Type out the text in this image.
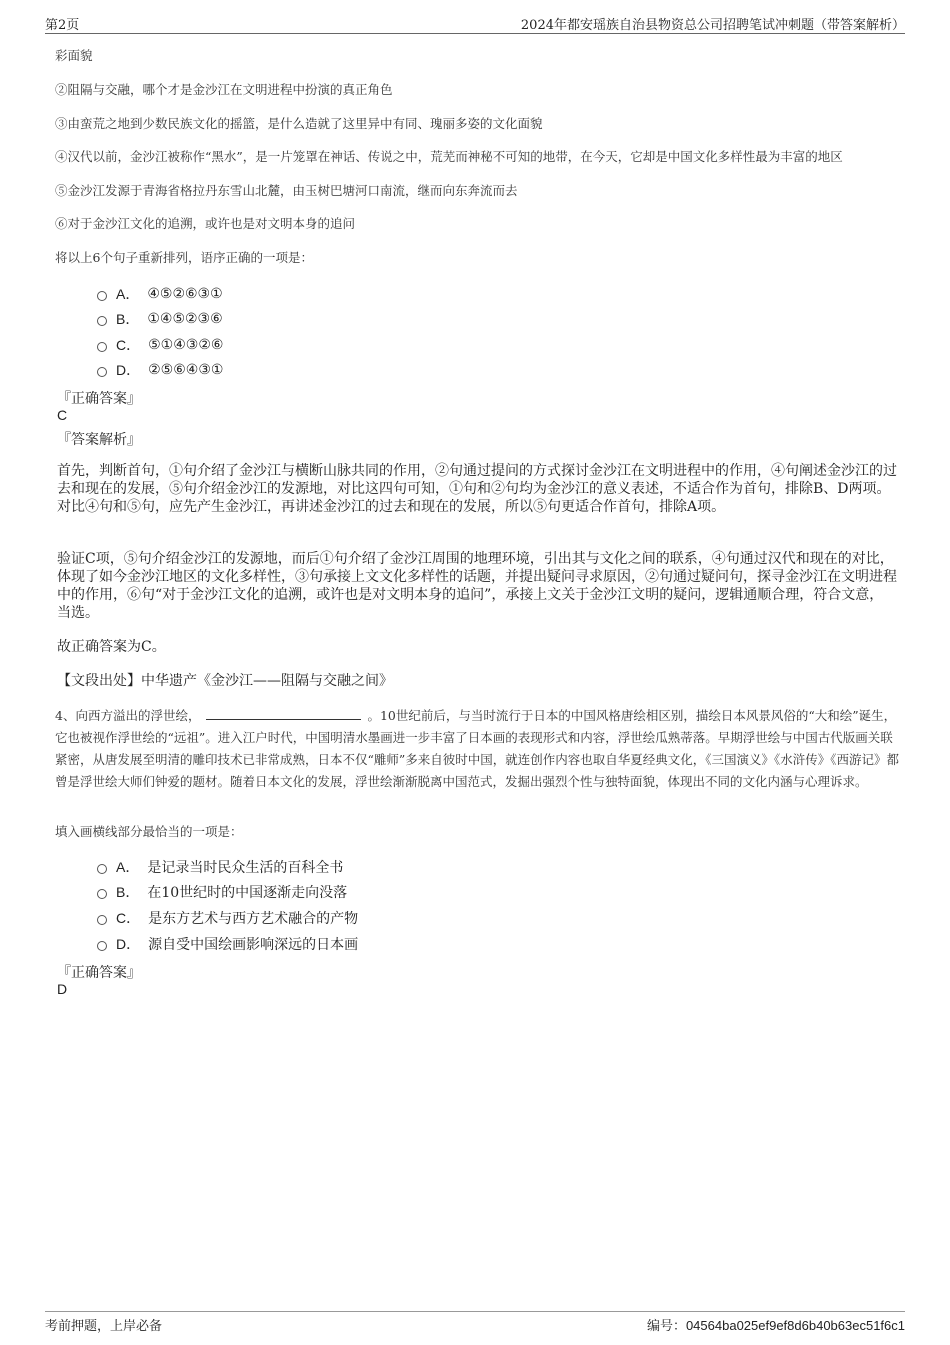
第2页	2024年都安瑶族自治县物资总公司招聘笔试冲刺题（带答案解析）
彩面貌
②阻隔与交融，哪个才是金沙江在文明进程中扮演的真正角色
③由蛮荒之地到少数民族文化的摇篮，是什么造就了这里异中有同、瑰丽多姿的文化面貌
④汉代以前，金沙江被称作“黑水”，是一片笼罩在神话、传说之中，荒芜而神秘不可知的地带，在今天，它却是中国文化多样性最为丰富的地区
⑤金沙江发源于青海省格拉丹东雪山北麓，由玉树巴塘河口南流，继而向东奔流而去
⑥对于金沙江文化的追溯，或许也是对文明本身的追问
将以上6个句子重新排列，语序正确的一项是：
A． ④⑤②⑥③①
B． ①④⑤②③⑥
C． ⑤①④③②⑥
D． ②⑤⑥④③①
『正确答案』
C
『答案解析』
首先，判断首句，①句介绍了金沙江与横断山脉共同的作用，②句通过提问的方式探讨金沙江在文明进程中的作用，④句阐述金沙江的过去和现在的发展，⑤句介绍金沙江的发源地，对比这四句可知，①句和②句均为金沙江的意义表述，不适合作为首句，排除B、D两项。对比④句和⑤句，应先产生金沙江，再讲述金沙江的过去和现在的发展，所以⑤句更适合作首句，排除A项。
验证C项，⑤句介绍金沙江的发源地，而后①句介绍了金沙江周围的地理环境，引出其与文化之间的联系，④句通过汉代和现在的对比，体现了如今金沙江地区的文化多样性，③句承接上文文化多样性的话题，并提出疑问寻求原因，②句通过疑问句，探寻金沙江在文明进程中的作用，⑥句“对于金沙江文化的追溯，或许也是对文明本身的追问”，承接上文关于金沙江文明的疑问，逻辑通顺合理，符合文意，当选。
故正确答案为C。
【文段出处】中华遗产《金沙江——阻隔与交融之间》
4、向西方溢出的浮世绘，	。10世纪前后，与当时流行于日本的中国风格唐绘相区别，描绘日本风景风俗的“大和绘”诞生，它也被视作浮世绘的“远祖”。进入江户时代，中国明清水墨画进一步丰富了日本画的表现形式和内容，浮世绘瓜熟蒂落。早期浮世绘与中国古代版画关联紧密，从唐发展至明清的雕印技术已非常成熟，日本不仅“雕师”多来自彼时中国，就连创作内容也取自华夏经典文化，《三国演义》《水浒传》《西游记》都曾是浮世绘大师们钟爱的题材。随着日本文化的发展，浮世绘渐渐脱离中国范式，发掘出强烈个性与独特面貌，体现出不同的文化内涵与心理诉求。
填入画横线部分最恰当的一项是：
A． 是记录当时民众生活的百科全书
B． 在10世纪时的中国逐渐走向没落
C． 是东方艺术与西方艺术融合的产物
D． 源自受中国绘画影响深远的日本画
『正确答案』
D
考前押题，上岸必备	编号：04564ba025ef9ef8d6b40b63ec51f6c1
